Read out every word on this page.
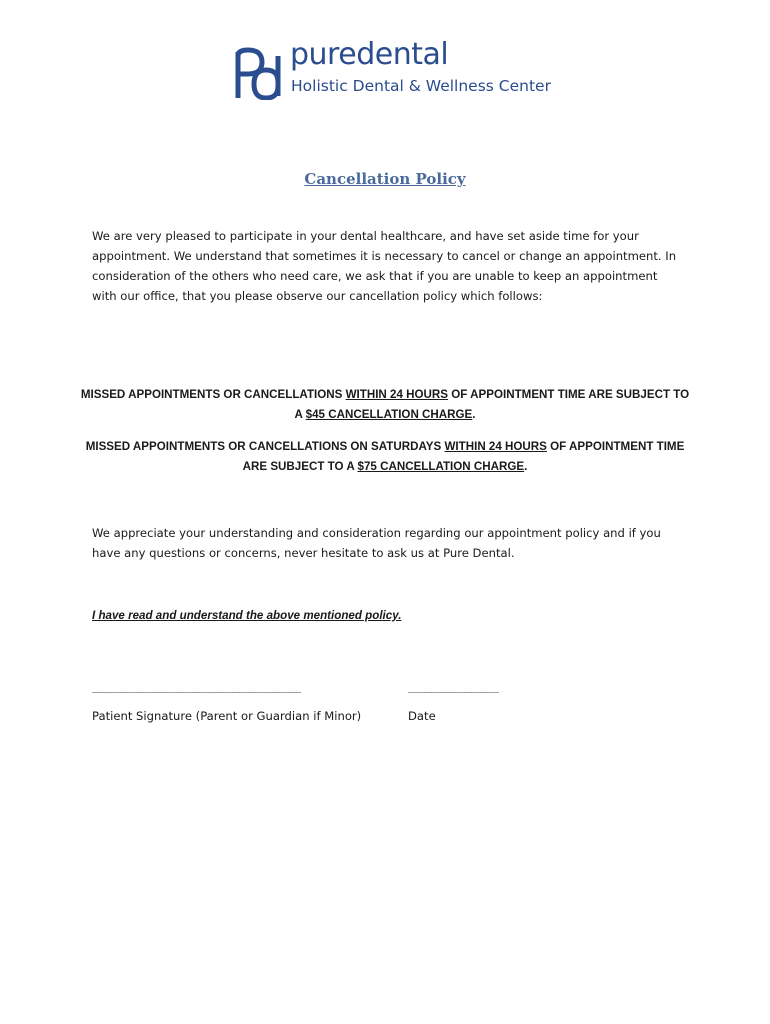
puredental
Holistic Dental & Wellness Center
Cancellation Policy
We are very pleased to participate in your dental healthcare, and have set aside time for your appointment. We understand that sometimes it is necessary to cancel or change an appointment. In consideration of the others who need care, we ask that if you are unable to keep an appointment with our office, that you please observe our cancellation policy which follows:
MISSED APPOINTMENTS OR CANCELLATIONS WITHIN 24 HOURS OF APPOINTMENT TIME ARE SUBJECT TO A $45 CANCELLATION CHARGE.
MISSED APPOINTMENTS OR CANCELLATIONS ON SATURDAYS WITHIN 24 HOURS OF APPOINTMENT TIME ARE SUBJECT TO A $75 CANCELLATION CHARGE.
We appreciate your understanding and consideration regarding our appointment policy and if you have any questions or concerns, never hesitate to ask us at Pure Dental.
I have read and understand the above mentioned policy.
_____________________________________	________________
Patient Signature (Parent or Guardian if Minor)	Date
